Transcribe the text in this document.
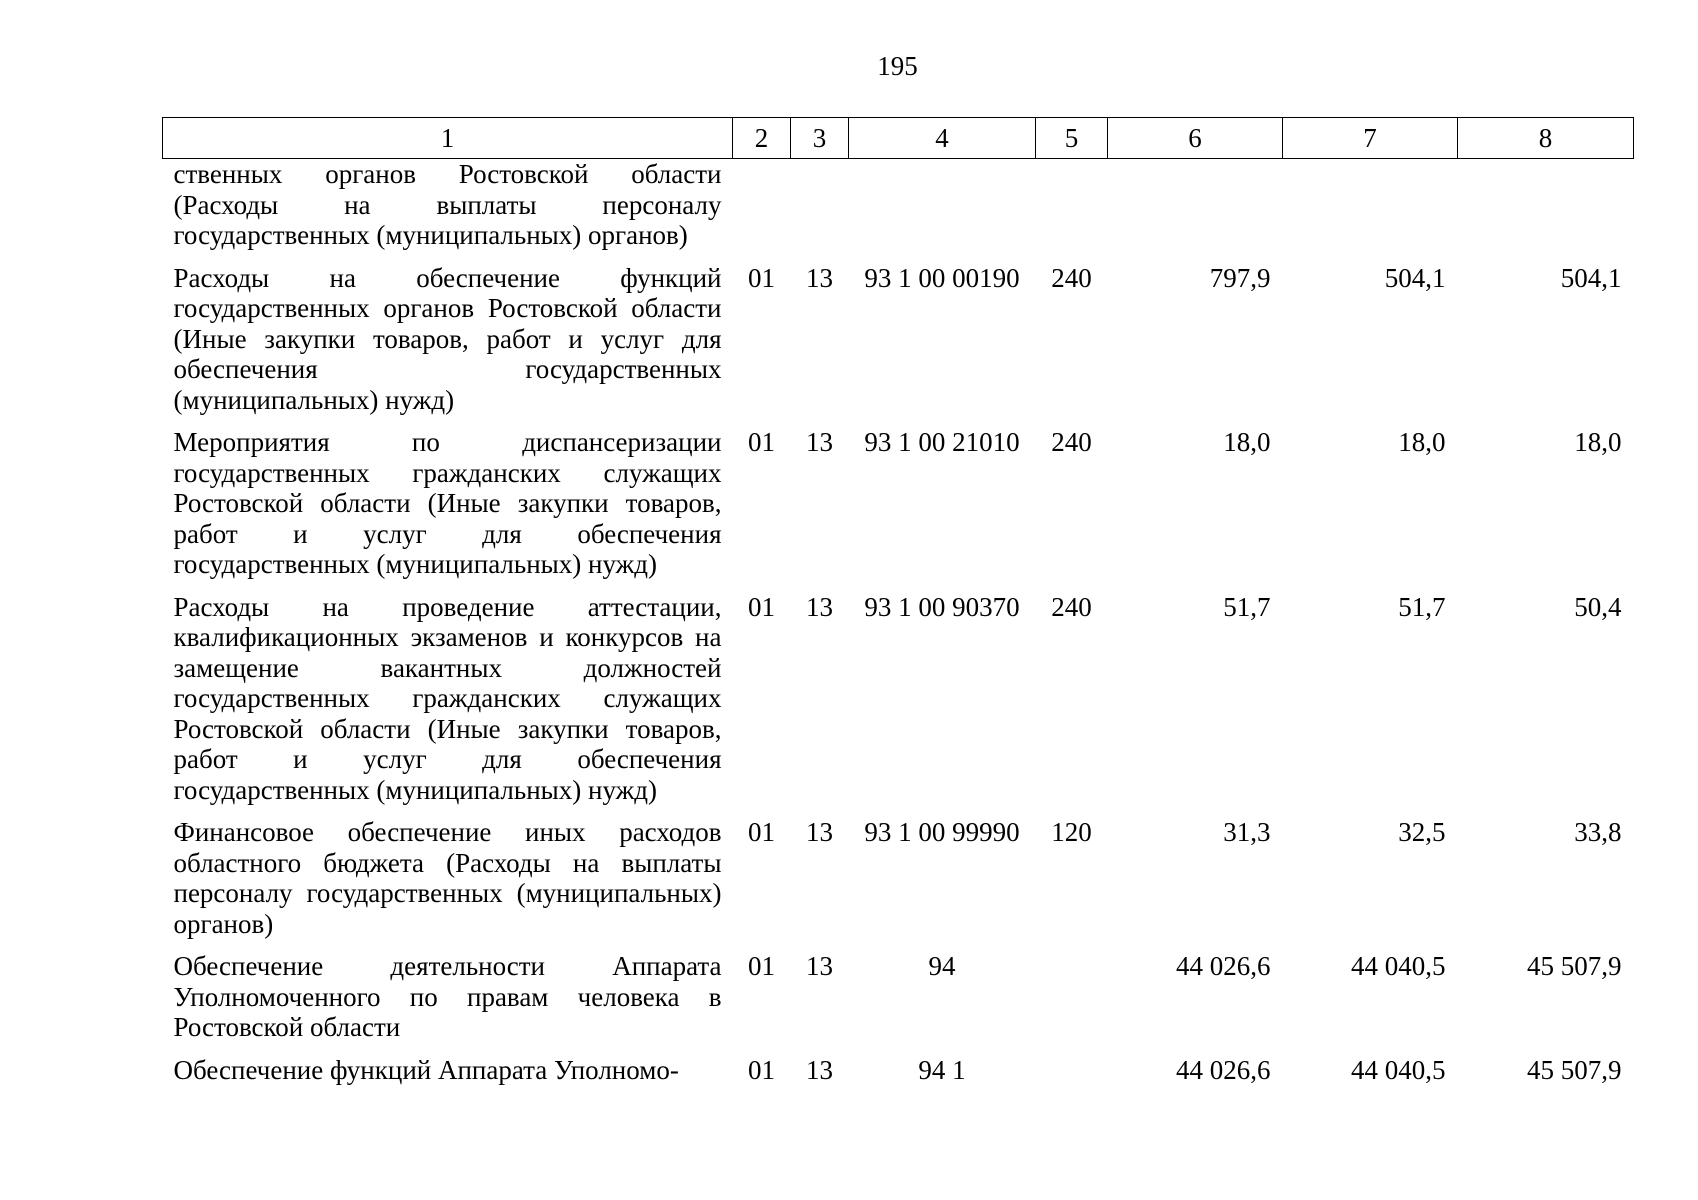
195
1	2	3	4	5	6	7	8
ственных органов Ростовской области (Расходы на выплаты персоналу государственных (муниципальных) органов)							
Расходы на обеспечение функций государственных органов Ростовской области (Иные закупки товаров, работ и услуг для обеспечения государственных (муниципальных) нужд)	01	13	93 1 00 00190	240	797,9	504,1	504,1
Мероприятия по диспансеризации государственных гражданских служащих Ростовской области (Иные закупки товаров, работ и услуг для обеспечения государственных (муниципальных) нужд)	01	13	93 1 00 21010	240	18,0	18,0	18,0
Расходы на проведение аттестации, квалификационных экзаменов и конкурсов на замещение вакантных должностей государственных гражданских служащих Ростовской области (Иные закупки товаров, работ и услуг для обеспечения государственных (муниципальных) нужд)	01	13	93 1 00 90370	240	51,7	51,7	50,4
Финансовое обеспечение иных расходов областного бюджета (Расходы на выплаты персоналу государственных (муниципальных) органов)	01	13	93 1 00 99990	120	31,3	32,5	33,8
Обеспечение деятельности Аппарата Уполномоченного по правам человека в Ростовской области	01	13	94		44 026,6	44 040,5	45 507,9
Обеспечение функций Аппарата Уполномо-	01	13	94 1		44 026,6	44 040,5	45 507,9
